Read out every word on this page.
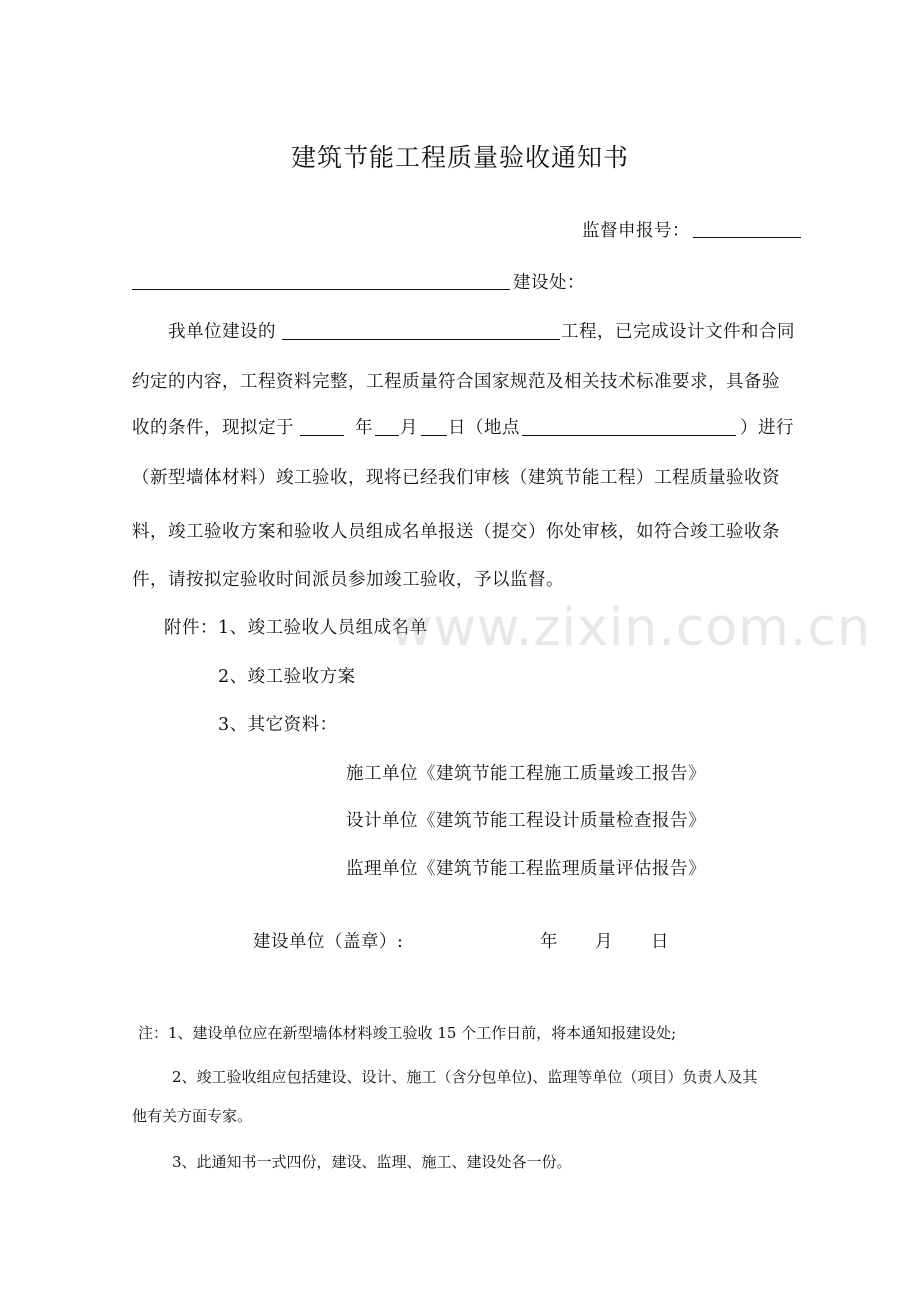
建筑节能工程质量验收通知书
监督申报号：
建设处：
我单位建设的	工程，已完成设计文件和合同
约定的内容，工程资料完整，工程质量符合国家规范及相关技术标准要求，具备验
收的条件，现拟定于	年 月 日（地点	）进行
（新型墙体材料）竣工验收，现将已经我们审核（建筑节能工程）工程质量验收资
料，竣工验收方案和验收人员组成名单报送（提交）你处审核，如符合竣工验收条
件，请按拟定验收时间派员参加竣工验收，予以监督。
附件： 1、竣工验收人员组成名单
2、竣工验收方案
3、其它资料：
施工单位《建筑节能工程施工质量竣工报告》
设计单位《建筑节能工程设计质量检查报告》
监理单位《建筑节能工程监理质量评估报告》
建设单位（盖章）:	年 月 日
注：1、建设单位应在新型墙体材料竣工验收 15 个工作日前，将本通知报建设处;
2、竣工验收组应包括建设、设计、施工（含分包单位)、监理等单位（项目）负责人及其
他有关方面专家。
3、此通知书一式四份，建设、监理、施工、建设处各一份。
www.zixin.com.cn
